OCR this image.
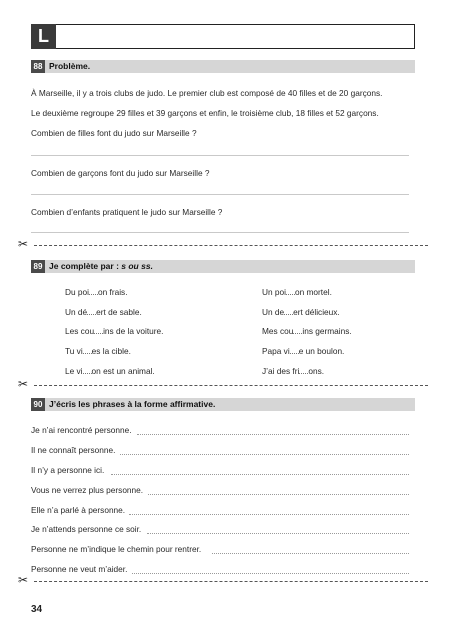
L
88 Problème.
À Marseille, il y a trois clubs de judo. Le premier club est composé de 40 filles et de 20 garçons.
Le deuxième regroupe 29 filles et 39 garçons et enfin, le troisième club, 18 filles et 52 garçons.
Combien de filles font du judo sur Marseille ?
Combien de garçons font du judo sur Marseille ?
Combien d’enfants pratiquent le judo sur Marseille ?
✂
89 Je complète par : s ou ss.
Du poi on frais.
Un dé ert de sable.
Les cou ins de la voiture.
Tu vi es la cible.
Le vi on est un animal.
Un poi on mortel.
Un de ert délicieux.
Mes cou ins germains.
Papa vi e un boulon.
J’ai des fri ons.
✂
90 J’écris les phrases à la forme affirmative.
Je n’ai rencontré personne.
Il ne connaît personne.
Il n’y a personne ici.
Vous ne verrez plus personne.
Elle n’a parlé à personne.
Je n’attends personne ce soir.
Personne ne m’indique le chemin pour rentrer.
Personne ne veut m’aider.
✂
34
